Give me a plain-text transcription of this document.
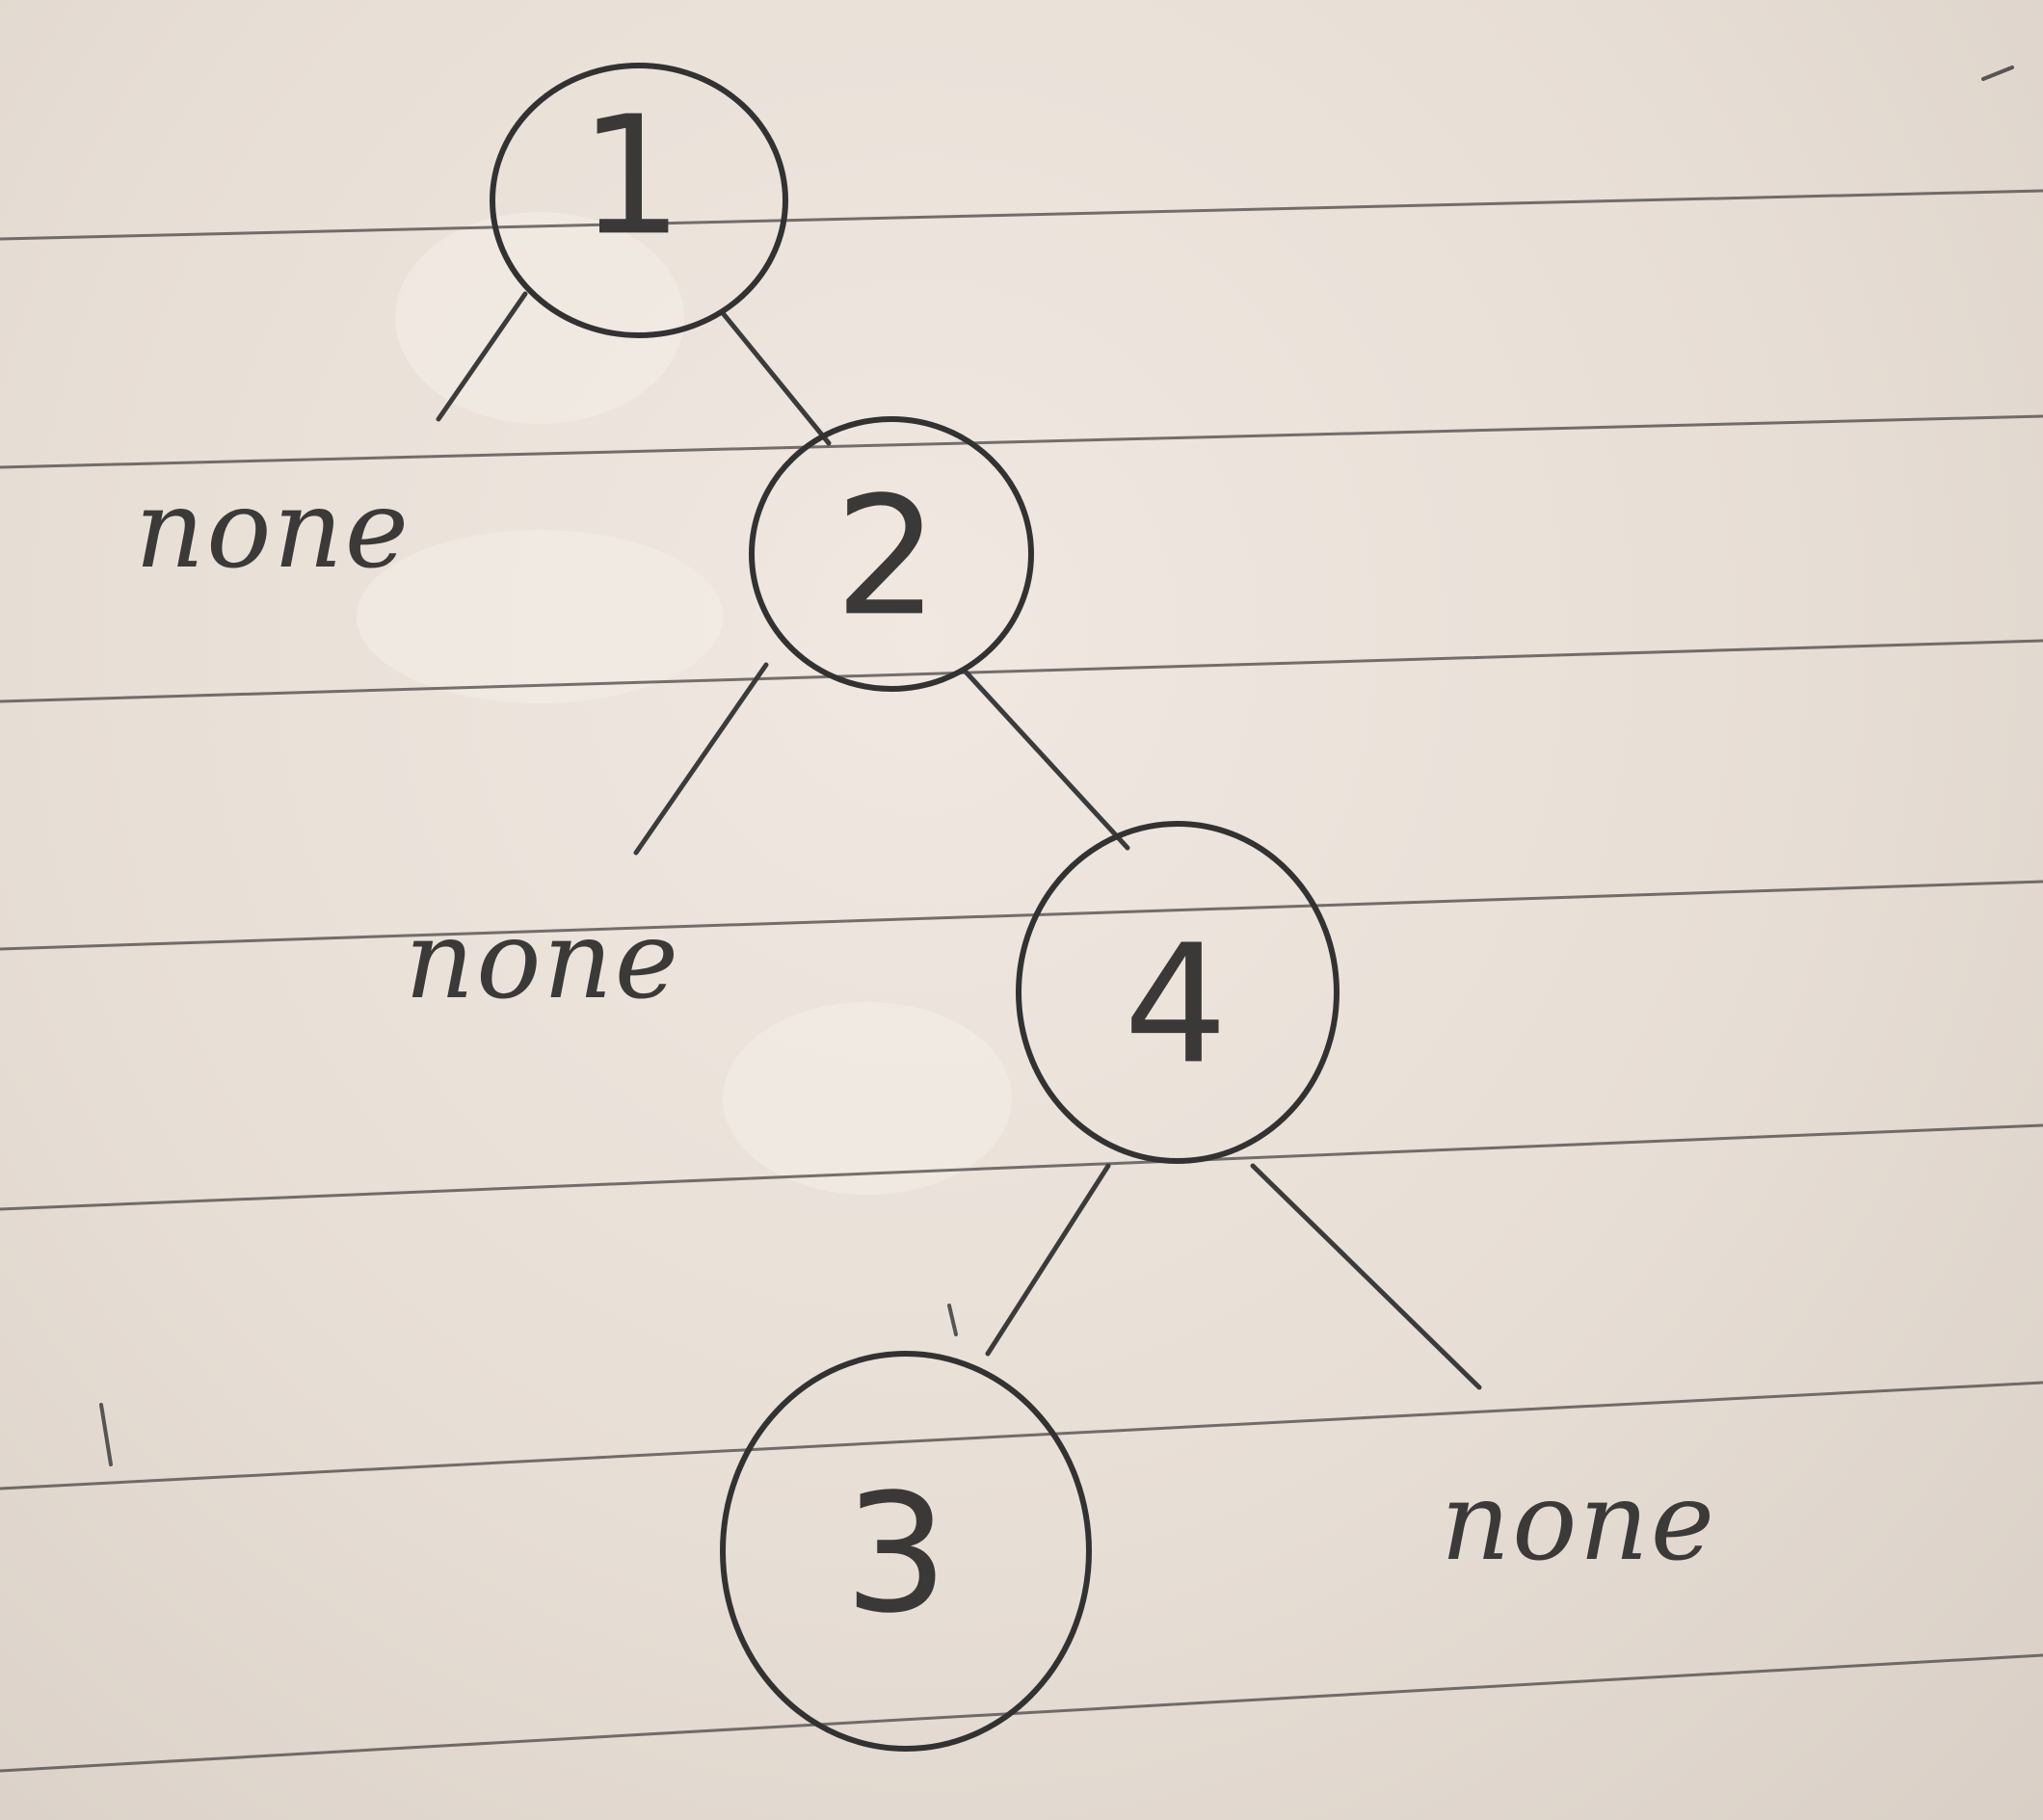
1
2
4
3
none
none
none
